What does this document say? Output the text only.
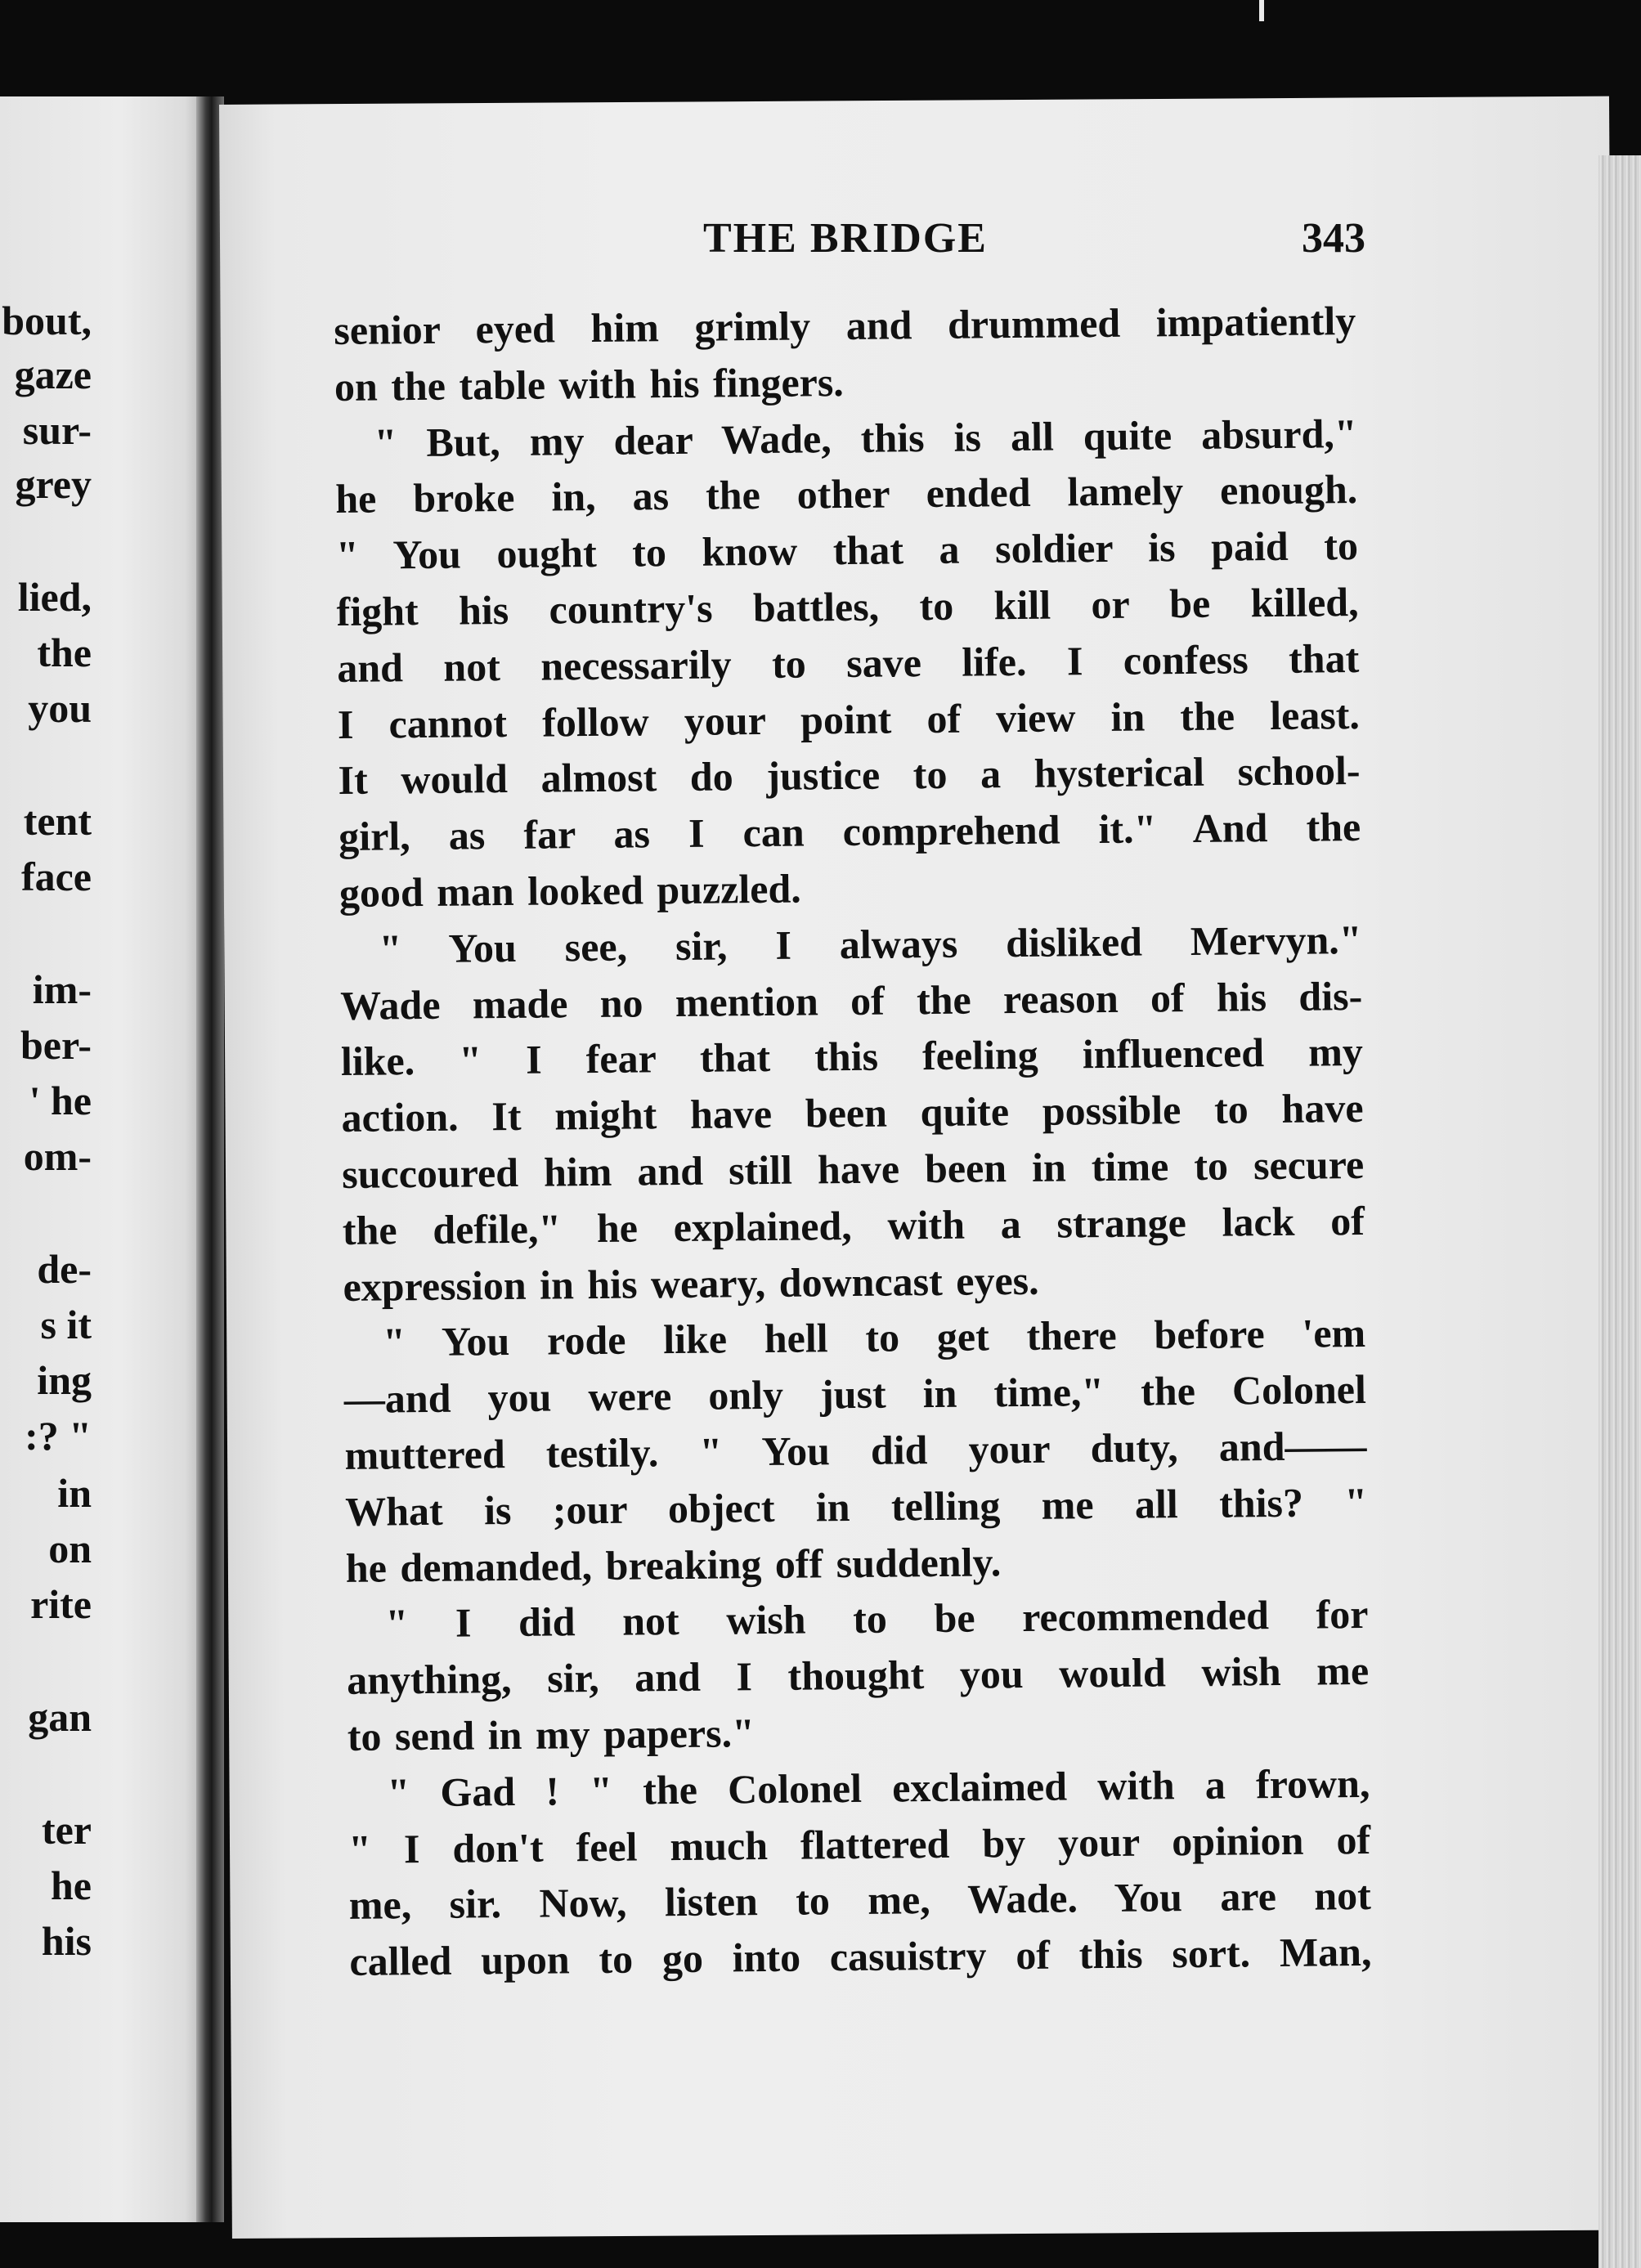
bout,
gaze
sur-
grey
lied,
the
you
tent
face
im-
ber-
' he
om-
de-
s it
ing
:? "
in
on
rite
gan
ter
he
his
THE BRIDGE	343
senior eyed him grimly and drummed impatiently
on the table with his fingers.
" But, my dear Wade, this is all quite absurd,"
he broke in, as the other ended lamely enough.
" You ought to know that a soldier is paid to
fight his country's battles, to kill or be killed,
and not necessarily to save life. I confess that
I cannot follow your point of view in the least.
It would almost do justice to a hysterical school-
girl, as far as I can comprehend it." And the
good man looked puzzled.
" You see, sir, I always disliked Mervyn."
Wade made no mention of the reason of his dis-
like. " I fear that this feeling influenced my
action. It might have been quite possible to have
succoured him and still have been in time to secure
the defile," he explained, with a strange lack of
expression in his weary, downcast eyes.
" You rode like hell to get there before 'em
—and you were only just in time," the Colonel
muttered testily. " You did your duty, and——
What is ;our object in telling me all this? "
he demanded, breaking off suddenly.
" I did not wish to be recommended for
anything, sir, and I thought you would wish me
to send in my papers."
" Gad ! " the Colonel exclaimed with a frown,
" I don't feel much flattered by your opinion of
me, sir. Now, listen to me, Wade. You are not
called upon to go into casuistry of this sort. Man,
